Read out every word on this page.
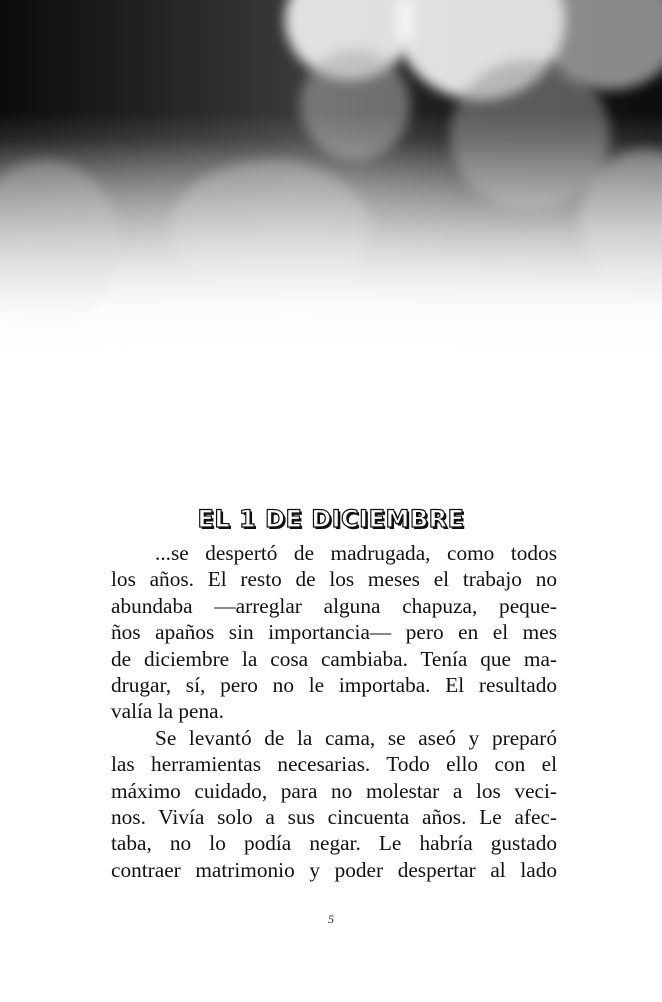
EL 1 DE DICIEMBRE
...se despertó de madrugada, como todos
los años. El resto de los meses el trabajo no
abundaba —arreglar alguna chapuza, peque-
ños apaños sin importancia— pero en el mes
de diciembre la cosa cambiaba. Tenía que ma-
drugar, sí, pero no le importaba. El resultado
valía la pena.
Se levantó de la cama, se aseó y preparó
las herramientas necesarias. Todo ello con el
máximo cuidado, para no molestar a los veci-
nos. Vivía solo a sus cincuenta años. Le afec-
taba, no lo podía negar. Le habría gustado
contraer matrimonio y poder despertar al lado
5
